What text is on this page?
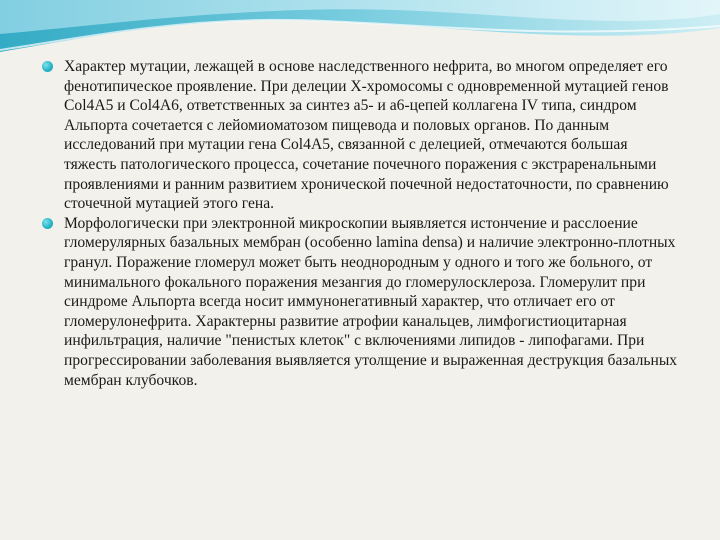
Характер мутации, лежащей в основе наследственного нефрита, во многом определяет его фенотипическое проявление. При делеции Х-хромосомы с одновременной мутацией генов Col4A5 и Col4A6, ответственных за синтез а5- и а6-цепей коллагена IV типа, синдром Альпорта сочетается с лейомиоматозом пищевода и половых органов. По данным исследований при мутации гена Col4A5, связанной с делецией, отмечаются большая тяжесть патологического процесса, сочетание почечного поражения с экстраренальными проявлениями и ранним развитием хронической почечной недостаточности, по сравнению сточечной мутацией этого гена.
Морфологически при электронной микроскопии выявляется истончение и расслоение гломерулярных базальных мембран (особенно lamina densa) и наличие электронно-плотных гранул. Поражение гломерул может быть неоднородным у одного и того же больного, от минимального фокального поражения мезангия до гломерулосклероза. Гломерулит при синдроме Альпорта всегда носит иммунонегативный характер, что отличает его от гломерулонефрита. Характерны развитие атрофии канальцев, лимфогистиоцитарная инфильтрация, наличие "пенистых клеток" с включениями липидов - липофагами. При прогрессировании заболевания выявляется утолщение и выраженная деструкция базальных мембран клубочков.
